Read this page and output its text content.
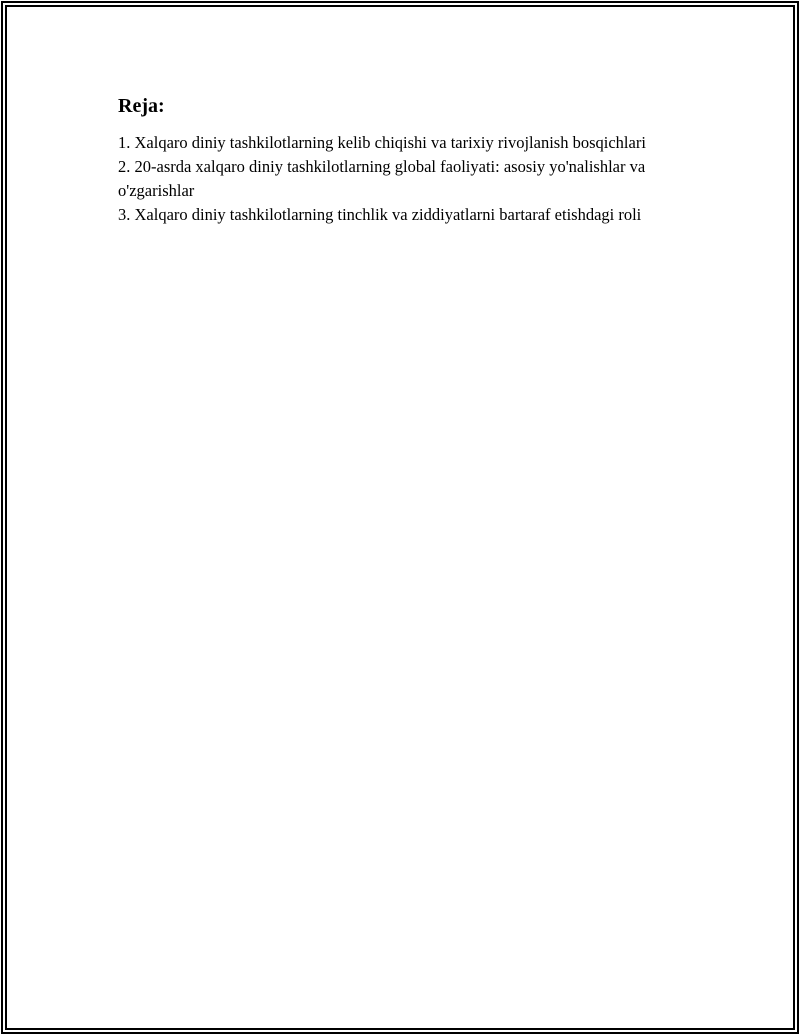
Reja:
1. Xalqaro diniy tashkilotlarning kelib chiqishi va tarixiy rivojlanish bosqichlari
2. 20-asrda xalqaro diniy tashkilotlarning global faoliyati: asosiy yo'nalishlar va o'zgarishlar
3. Xalqaro diniy tashkilotlarning tinchlik va ziddiyatlarni bartaraf etishdagi roli
